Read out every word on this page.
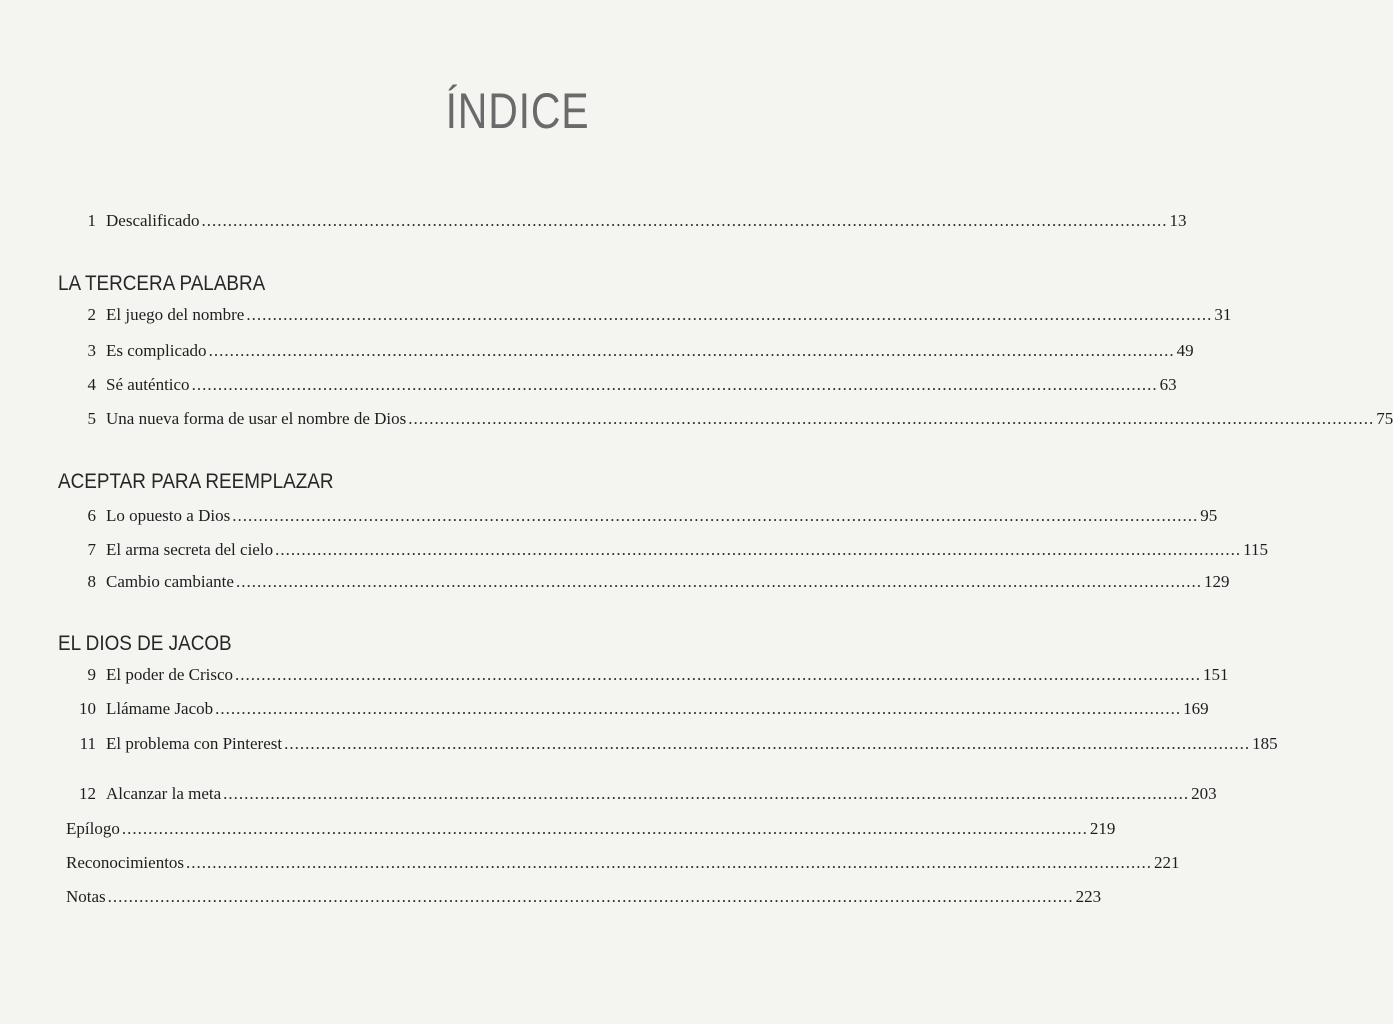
ÍNDICE
1 Descalificado ........................................................................................................................................................................................ 13
LA TERCERA PALABRA
2 El juego del nombre ........................................................................................................................................................................................ 31
3 Es complicado ........................................................................................................................................................................................ 49
4 Sé auténtico ........................................................................................................................................................................................ 63
5 Una nueva forma de usar el nombre de Dios ........................................................................................................................................................................................ 75
ACEPTAR PARA REEMPLAZAR
6 Lo opuesto a Dios ........................................................................................................................................................................................ 95
7 El arma secreta del cielo ........................................................................................................................................................................................ 115
8 Cambio cambiante ........................................................................................................................................................................................ 129
EL DIOS DE JACOB
9 El poder de Crisco ........................................................................................................................................................................................ 151
10 Llámame Jacob ........................................................................................................................................................................................ 169
11 El problema con Pinterest ........................................................................................................................................................................................ 185
12 Alcanzar la meta ........................................................................................................................................................................................ 203
Epílogo ........................................................................................................................................................................................ 219
Reconocimientos ........................................................................................................................................................................................ 221
Notas ........................................................................................................................................................................................ 223
